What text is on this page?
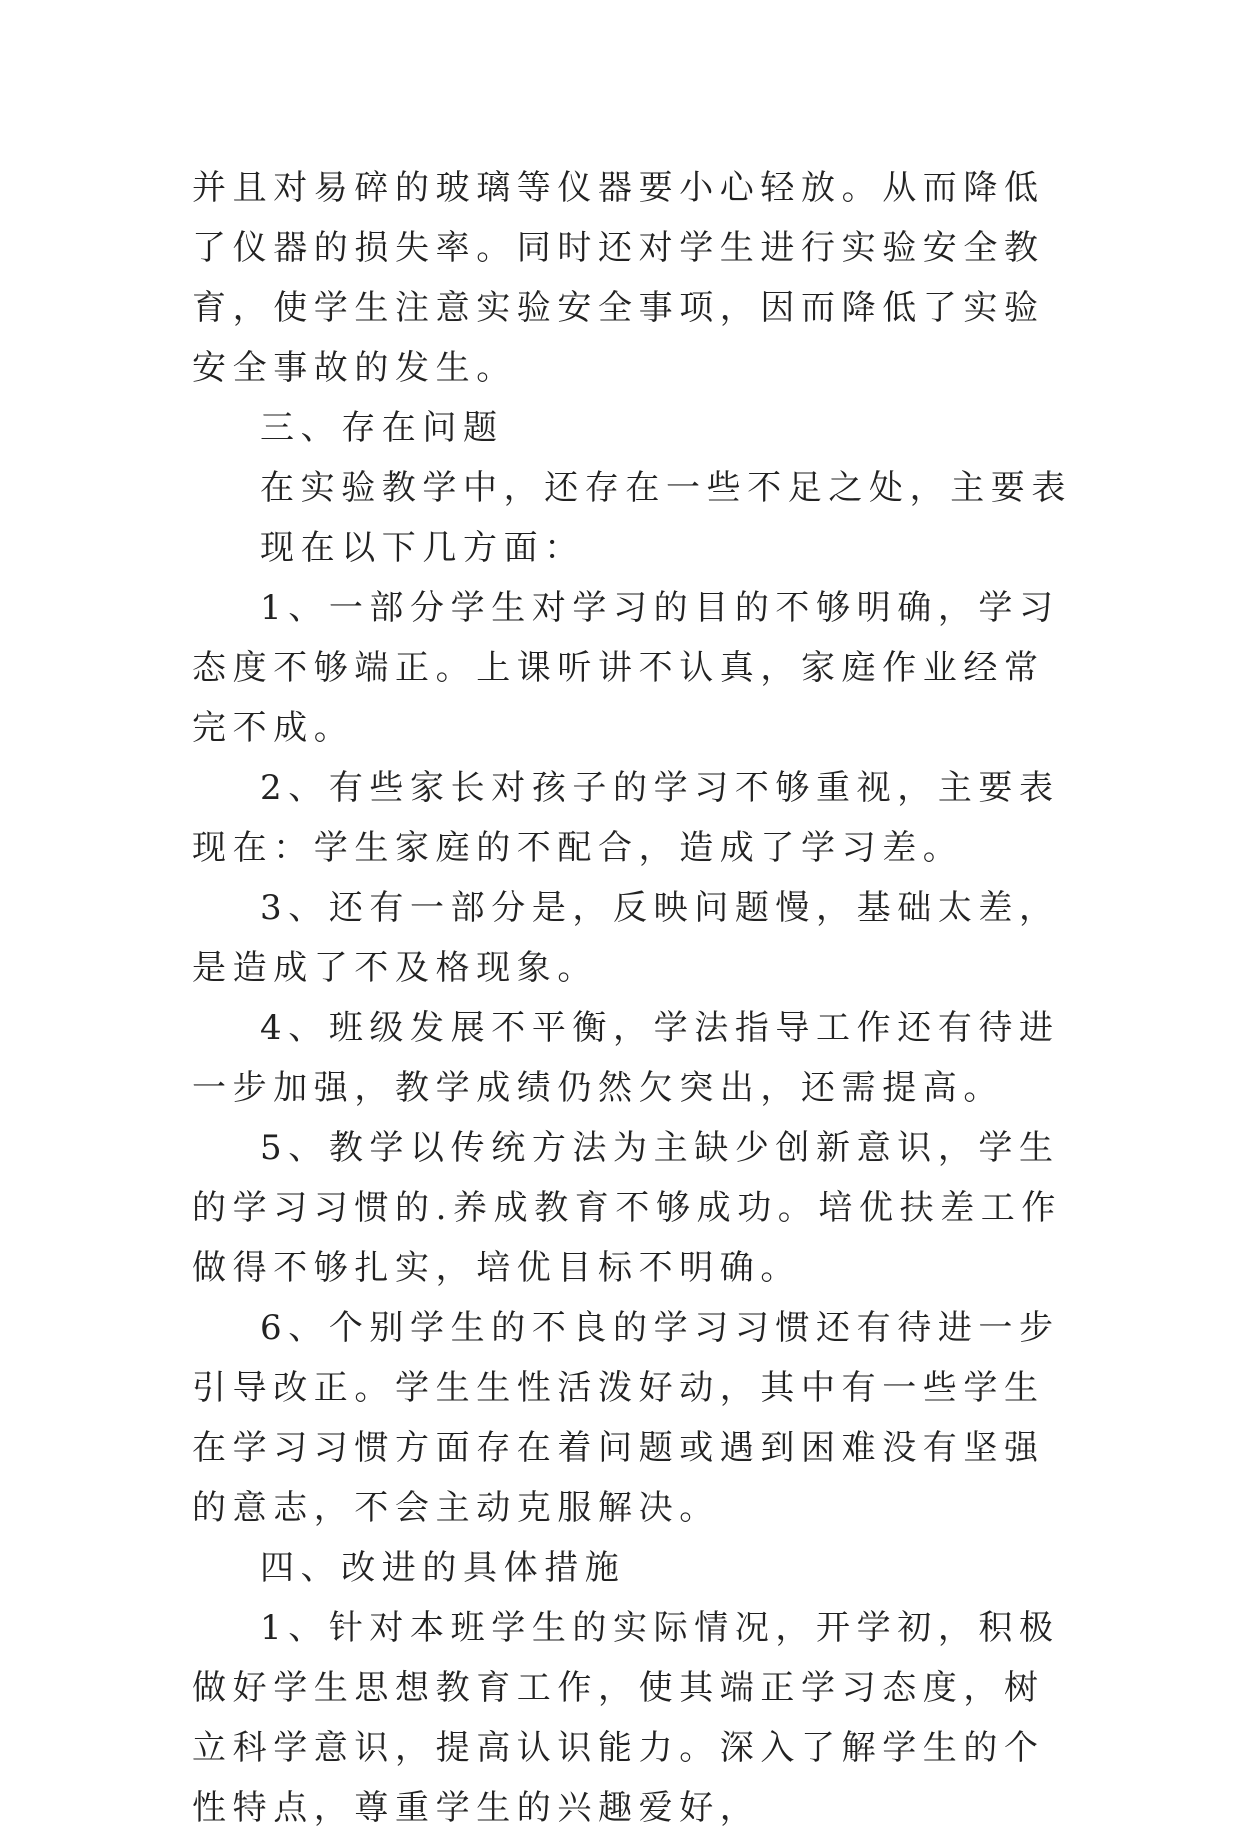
并且对易碎的玻璃等仪器要小心轻放。从而降低了仪器的损失率。同时还对学生进行实验安全教育，使学生注意实验安全事项，因而降低了实验安全事故的发生。

三、存在问题

在实验教学中，还存在一些不足之处，主要表现在以下几方面：

1、一部分学生对学习的目的不够明确，学习态度不够端正。上课听讲不认真，家庭作业经常完不成。

2、有些家长对孩子的学习不够重视，主要表现在：学生家庭的不配合，造成了学习差。

3、还有一部分是，反映问题慢，基础太差，是造成了不及格现象。

4、班级发展不平衡，学法指导工作还有待进一步加强，教学成绩仍然欠突出，还需提高。

5、教学以传统方法为主缺少创新意识，学生的学习习惯的.养成教育不够成功。培优扶差工作做得不够扎实，培优目标不明确。

6、个别学生的不良的学习习惯还有待进一步引导改正。学生生性活泼好动，其中有一些学生在学习习惯方面存在着问题或遇到困难没有坚强的意志，不会主动克服解决。

四、改进的具体措施

1、针对本班学生的实际情况，开学初，积极做好学生思想教育工作，使其端正学习态度，树立科学意识，提高认识能力。深入了解学生的个性特点，尊重学生的兴趣爱好，
